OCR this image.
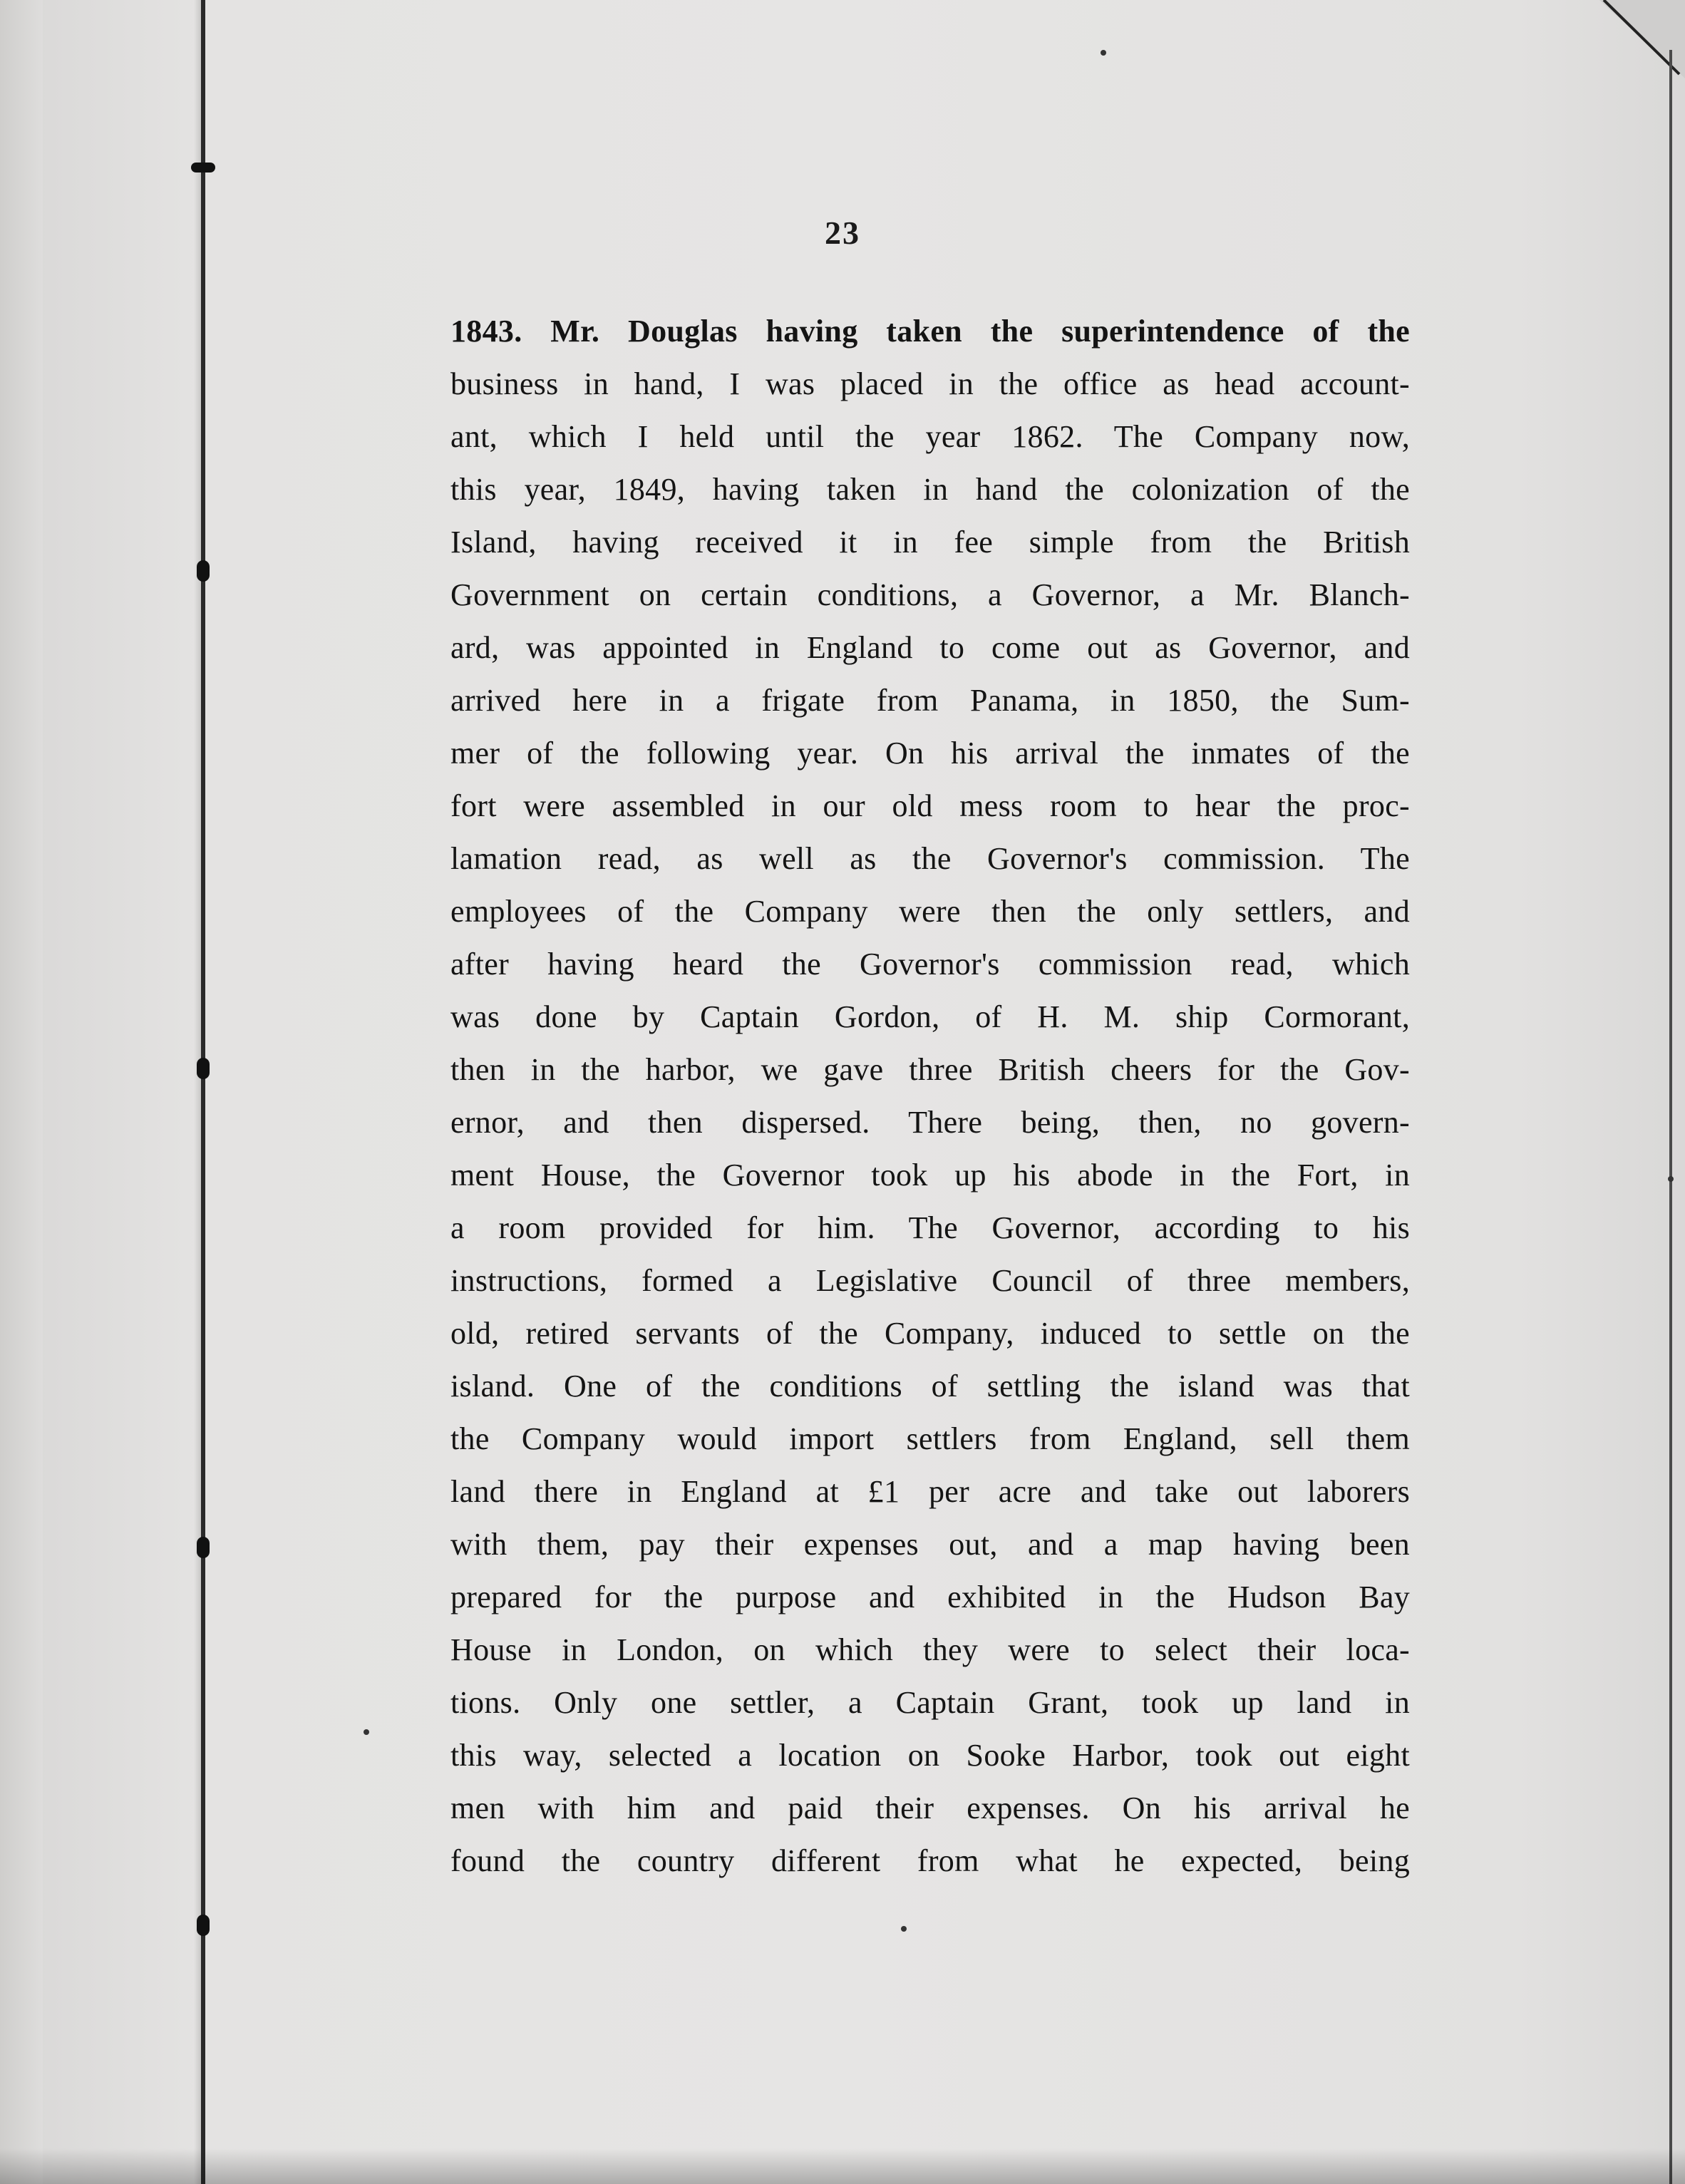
23
1843. Mr. Douglas having taken the superintendence of the
business in hand, I was placed in the office as head account-
ant, which I held until the year 1862. The Company now,
this year, 1849, having taken in hand the colonization of the
Island, having received it in fee simple from the British
Government on certain conditions, a Governor, a Mr. Blanch-
ard, was appointed in England to come out as Governor, and
arrived here in a frigate from Panama, in 1850, the Sum-
mer of the following year. On his arrival the inmates of the
fort were assembled in our old mess room to hear the proc-
lamation read, as well as the Governor's commission. The
employees of the Company were then the only settlers, and
after having heard the Governor's commission read, which
was done by Captain Gordon, of H. M. ship Cormorant,
then in the harbor, we gave three British cheers for the Gov-
ernor, and then dispersed. There being, then, no govern-
ment House, the Governor took up his abode in the Fort, in
a room provided for him. The Governor, according to his
instructions, formed a Legislative Council of three members,
old, retired servants of the Company, induced to settle on the
island. One of the conditions of settling the island was that
the Company would import settlers from England, sell them
land there in England at £1 per acre and take out laborers
with them, pay their expenses out, and a map having been
prepared for the purpose and exhibited in the Hudson Bay
House in London, on which they were to select their loca-
tions. Only one settler, a Captain Grant, took up land in
this way, selected a location on Sooke Harbor, took out eight
men with him and paid their expenses. On his arrival he
found the country different from what he expected, being
